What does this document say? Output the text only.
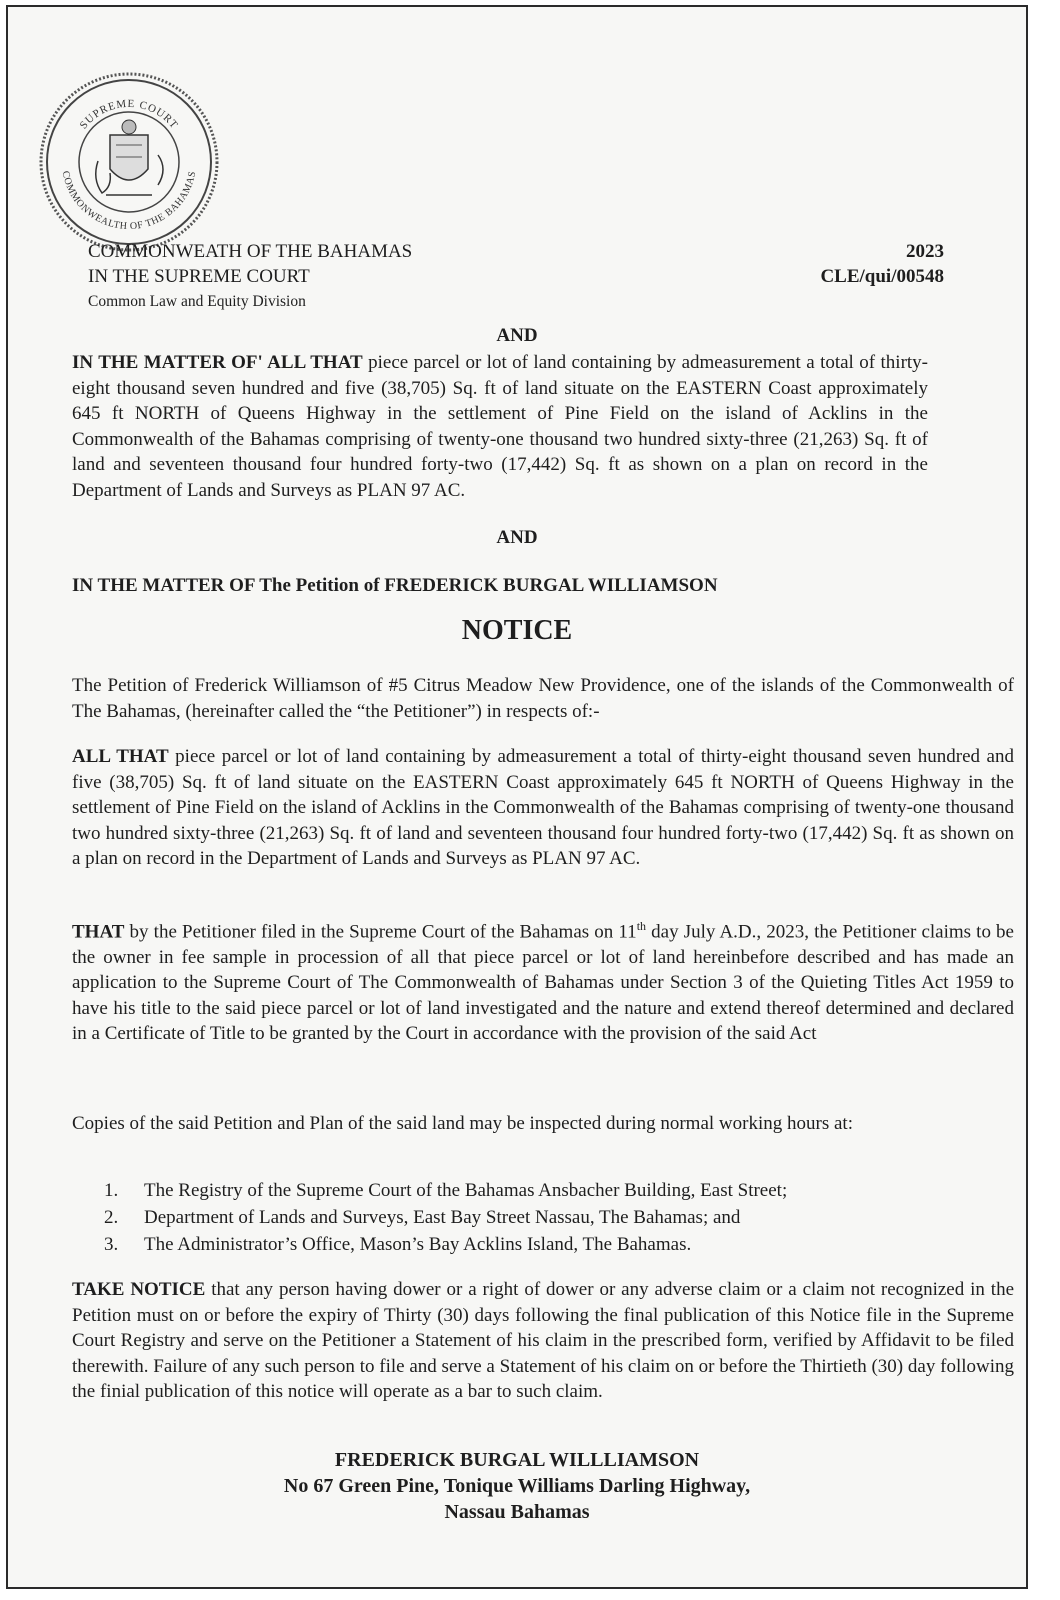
SUPREME COURT
COMMONWEALTH OF THE BAHAMAS
COMMONWEATH OF THE BAHAMAS
IN THE SUPREME COURT
Common Law and Equity Division
2023
CLE/qui/00548
AND
IN THE MATTER OF' ALL THAT piece parcel or lot of land containing by admeasurement a total of thirty-eight thousand seven hundred and five (38,705) Sq. ft of land situate on the EASTERN Coast approximately 645 ft NORTH of Queens Highway in the settlement of Pine Field on the island of Acklins in the Commonwealth of the Bahamas comprising of twenty-one thousand two hundred sixty-three (21,263) Sq. ft of land and seventeen thousand four hundred forty-two (17,442) Sq. ft as shown on a plan on record in the Department of Lands and Surveys as PLAN 97 AC.
AND
IN THE MATTER OF The Petition of FREDERICK BURGAL WILLIAMSON
NOTICE
The Petition of Frederick Williamson of #5 Citrus Meadow New Providence, one of the islands of the Commonwealth of The Bahamas, (hereinafter called the “the Petitioner”) in respects of:-
ALL THAT piece parcel or lot of land containing by admeasurement a total of thirty-eight thousand seven hundred and five (38,705) Sq. ft of land situate on the EASTERN Coast approximately 645 ft NORTH of Queens Highway in the settlement of Pine Field on the island of Acklins in the Commonwealth of the Bahamas comprising of twenty-one thousand two hundred sixty-three (21,263) Sq. ft of land and seventeen thousand four hundred forty-two (17,442) Sq. ft as shown on a plan on record in the Department of Lands and Surveys as PLAN 97 AC.
THAT by the Petitioner filed in the Supreme Court of the Bahamas on 11th day July A.D., 2023, the Petitioner claims to be the owner in fee sample in procession of all that piece parcel or lot of land hereinbefore described and has made an application to the Supreme Court of The Commonwealth of Bahamas under Section 3 of the Quieting Titles Act 1959 to have his title to the said piece parcel or lot of land investigated and the nature and extend thereof determined and declared in a Certificate of Title to be granted by the Court in accordance with the provision of the said Act
Copies of the said Petition and Plan of the said land may be inspected during normal working hours at:
1.	The Registry of the Supreme Court of the Bahamas Ansbacher Building, East Street;
2.	Department of Lands and Surveys, East Bay Street Nassau, The Bahamas; and
3.	The Administrator’s Office, Mason’s Bay Acklins Island, The Bahamas.
TAKE NOTICE that any person having dower or a right of dower or any adverse claim or a claim not recognized in the Petition must on or before the expiry of Thirty (30) days following the final publication of this Notice file in the Supreme Court Registry and serve on the Petitioner a Statement of his claim in the prescribed form, verified by Affidavit to be filed therewith. Failure of any such person to file and serve a Statement of his claim on or before the Thirtieth (30) day following the finial publication of this notice will operate as a bar to such claim.
FREDERICK BURGAL WILLLIAMSON
No 67 Green Pine, Tonique Williams Darling Highway,
Nassau Bahamas
